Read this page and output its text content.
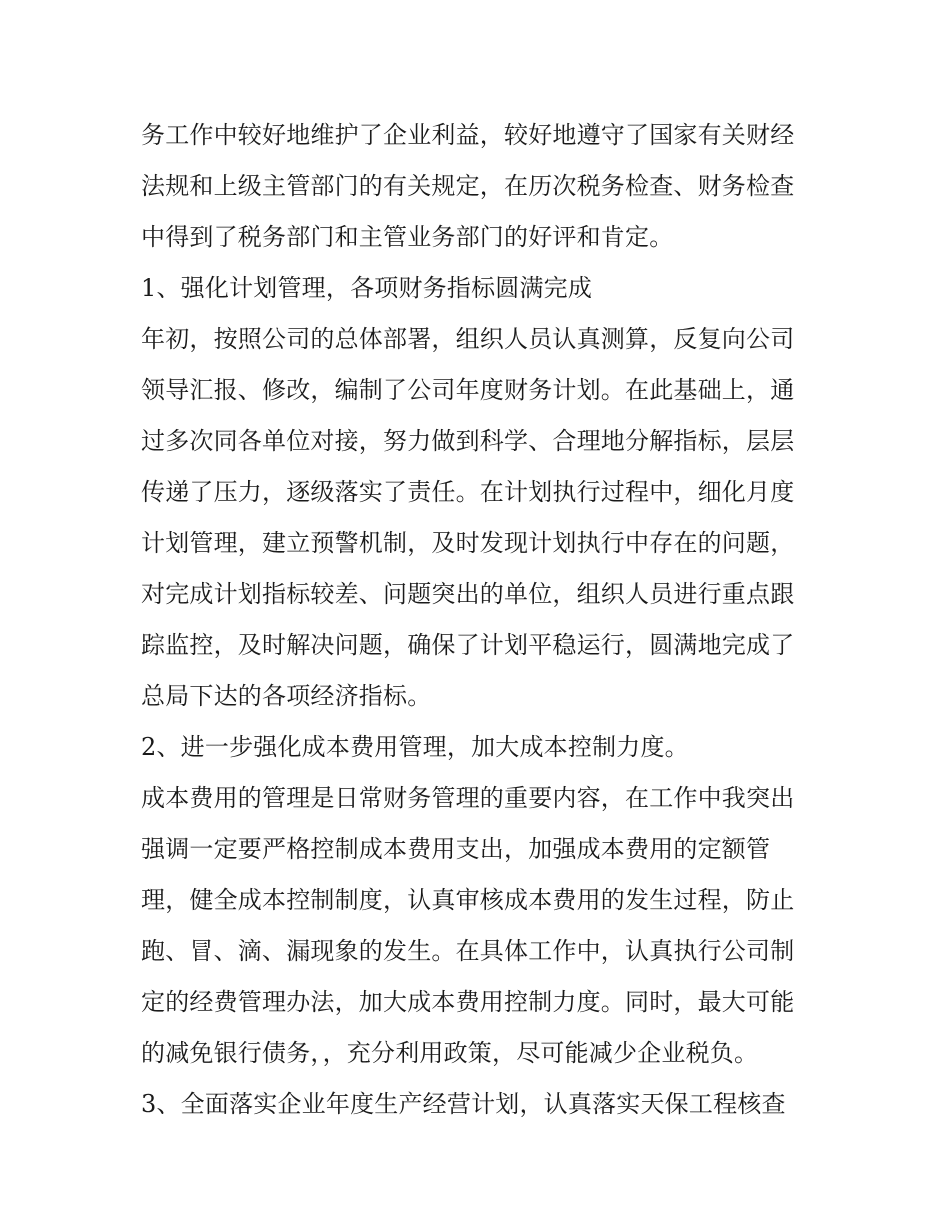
务工作中较好地维护了企业利益，较好地遵守了国家有关财经
法规和上级主管部门的有关规定，在历次税务检查、财务检查
中得到了税务部门和主管业务部门的好评和肯定。
1、强化计划管理，各项财务指标圆满完成
年初，按照公司的总体部署，组织人员认真测算，反复向公司
领导汇报、修改，编制了公司年度财务计划。在此基础上，通
过多次同各单位对接，努力做到科学、合理地分解指标，层层
传递了压力，逐级落实了责任。在计划执行过程中，细化月度
计划管理，建立预警机制，及时发现计划执行中存在的问题，
对完成计划指标较差、问题突出的单位，组织人员进行重点跟
踪监控，及时解决问题，确保了计划平稳运行，圆满地完成了
总局下达的各项经济指标。
2、进一步强化成本费用管理，加大成本控制力度。
成本费用的管理是日常财务管理的重要内容，在工作中我突出
强调一定要严格控制成本费用支出，加强成本费用的定额管
理，健全成本控制制度，认真审核成本费用的发生过程，防止
跑、冒、滴、漏现象的发生。在具体工作中，认真执行公司制
定的经费管理办法，加大成本费用控制力度。同时，最大可能
的减免银行债务，，充分利用政策，尽可能减少企业税负。
3、全面落实企业年度生产经营计划，认真落实天保工程核查
